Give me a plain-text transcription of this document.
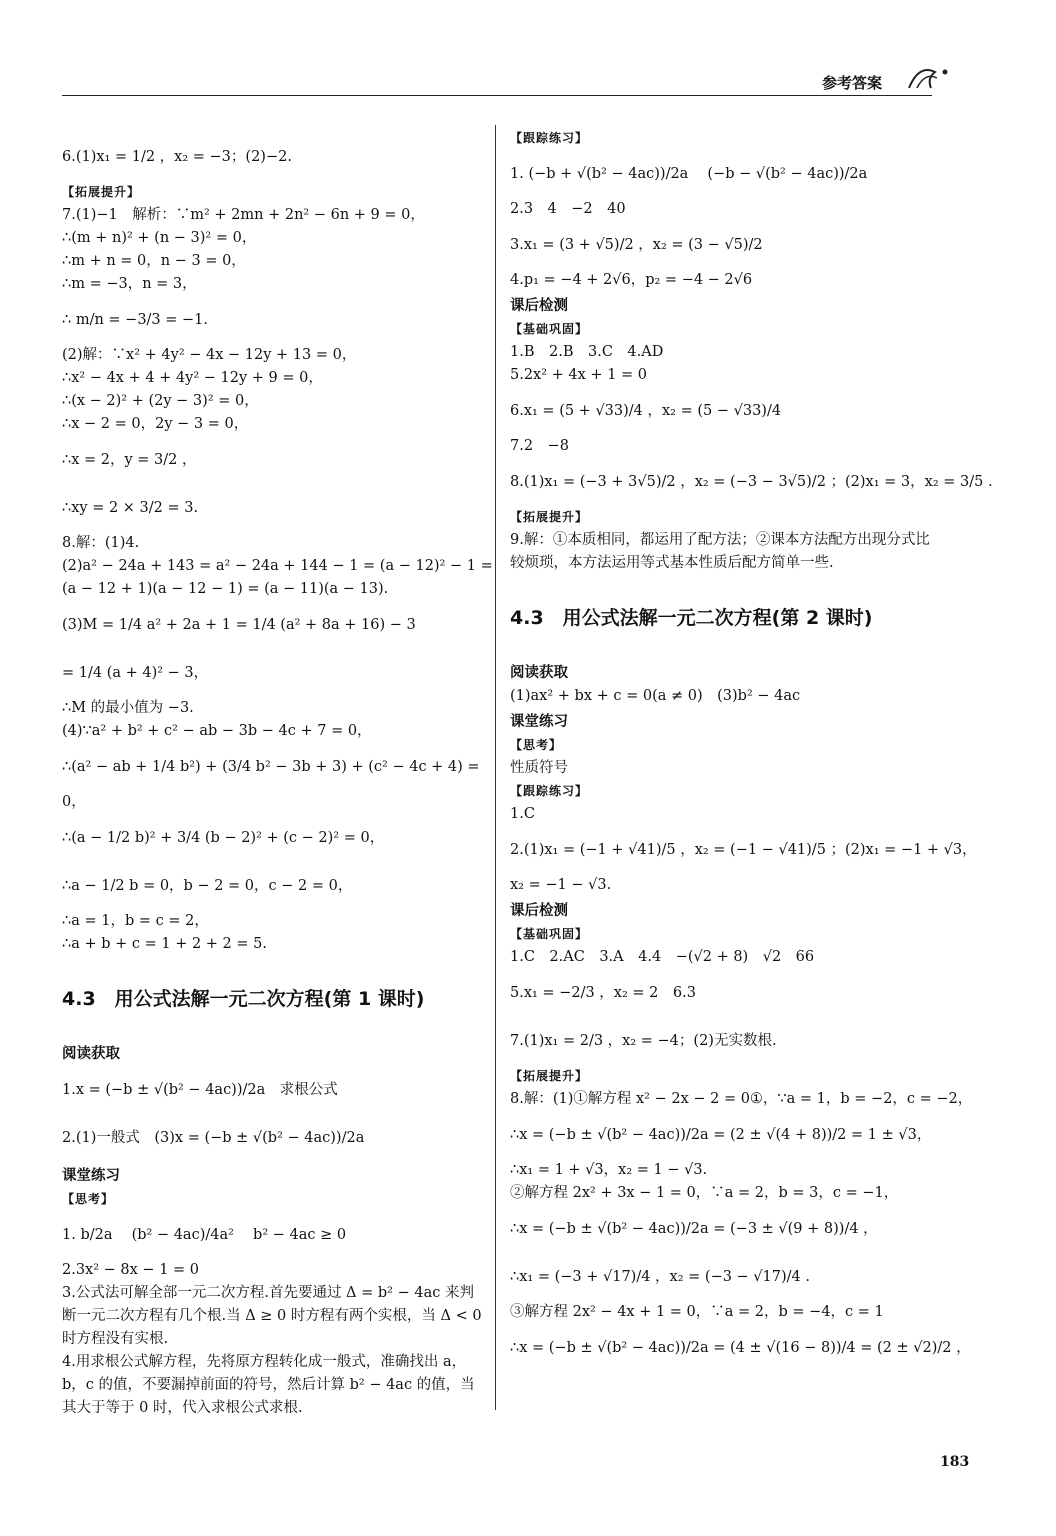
参考答案
6.(1)x₁ = 1/2 ，x₂ = −3；(2)−2.
【拓展提升】
7.(1)−1　解析：∵m² + 2mn + 2n² − 6n + 9 = 0，
∴(m + n)² + (n − 3)² = 0，
∴m + n = 0，n − 3 = 0，
∴m = −3，n = 3，
∴ m/n = −3/3 = −1.
(2)解：∵x² + 4y² − 4x − 12y + 13 = 0，
∴x² − 4x + 4 + 4y² − 12y + 9 = 0，
∴(x − 2)² + (2y − 3)² = 0，
∴x − 2 = 0，2y − 3 = 0，
∴x = 2，y = 3/2 ，
∴xy = 2 × 3/2 = 3.
8.解：(1)4.
(2)a² − 24a + 143 = a² − 24a + 144 − 1 = (a − 12)² − 1 =
(a − 12 + 1)(a − 12 − 1) = (a − 11)(a − 13).
(3)M = 1/4 a² + 2a + 1 = 1/4 (a² + 8a + 16) − 3
= 1/4 (a + 4)² − 3，
∴M 的最小值为 −3.
(4)∵a² + b² + c² − ab − 3b − 4c + 7 = 0，
∴(a² − ab + 1/4 b²) + (3/4 b² − 3b + 3) + (c² − 4c + 4) =
0，
∴(a − 1/2 b)² + 3/4 (b − 2)² + (c − 2)² = 0，
∴a − 1/2 b = 0，b − 2 = 0，c − 2 = 0，
∴a = 1，b = c = 2，
∴a + b + c = 1 + 2 + 2 = 5.
4.3　用公式法解一元二次方程(第 1 课时)
阅读获取
1.x = (−b ± √(b² − 4ac))/2a　求根公式
2.(1)一般式　(3)x = (−b ± √(b² − 4ac))/2a
课堂练习
【思考】
1. b/2a 　(b² − 4ac)/4a² 　b² − 4ac ≥ 0
2.3x² − 8x − 1 = 0
3.公式法可解全部一元二次方程.首先要通过 Δ = b² − 4ac 来判断一元二次方程有几个根.当 Δ ≥ 0 时方程有两个实根，当 Δ < 0 时方程没有实根.
4.用求根公式解方程，先将原方程转化成一般式，准确找出 a，b，c 的值，不要漏掉前面的符号，然后计算 b² − 4ac 的值，当其大于等于 0 时，代入求根公式求根.
【跟踪练习】
1. (−b + √(b² − 4ac))/2a 　(−b − √(b² − 4ac))/2a
2.3　4　−2　40
3.x₁ = (3 + √5)/2 ，x₂ = (3 − √5)/2
4.p₁ = −4 + 2√6，p₂ = −4 − 2√6
课后检测
【基础巩固】
1.B　2.B　3.C　4.AD
5.2x² + 4x + 1 = 0
6.x₁ = (5 + √33)/4 ，x₂ = (5 − √33)/4
7.2　−8
8.(1)x₁ = (−3 + 3√5)/2 ，x₂ = (−3 − 3√5)/2 ；(2)x₁ = 3，x₂ = 3/5 .
【拓展提升】
9.解：①本质相同，都运用了配方法；②课本方法配方出现分式比较烦琐，本方法运用等式基本性质后配方简单一些.
4.3　用公式法解一元二次方程(第 2 课时)
阅读获取
(1)ax² + bx + c = 0(a ≠ 0)　(3)b² − 4ac
课堂练习
【思考】
性质符号
【跟踪练习】
1.C
2.(1)x₁ = (−1 + √41)/5 ，x₂ = (−1 − √41)/5 ；(2)x₁ = −1 + √3，
x₂ = −1 − √3.
课后检测
【基础巩固】
1.C　2.AC　3.A　4.4　−(√2 + 8)　√2　66
5.x₁ = −2/3 ，x₂ = 2　6.3
7.(1)x₁ = 2/3 ，x₂ = −4；(2)无实数根.
【拓展提升】
8.解：(1)①解方程 x² − 2x − 2 = 0①，∵a = 1，b = −2，c = −2，
∴x = (−b ± √(b² − 4ac))/2a = (2 ± √(4 + 8))/2 = 1 ± √3，
∴x₁ = 1 + √3，x₂ = 1 − √3.
②解方程 2x² + 3x − 1 = 0，∵a = 2，b = 3，c = −1，
∴x = (−b ± √(b² − 4ac))/2a = (−3 ± √(9 + 8))/4 ，
∴x₁ = (−3 + √17)/4 ，x₂ = (−3 − √17)/4 .
③解方程 2x² − 4x + 1 = 0，∵a = 2，b = −4，c = 1
∴x = (−b ± √(b² − 4ac))/2a = (4 ± √(16 − 8))/4 = (2 ± √2)/2 ，
183
